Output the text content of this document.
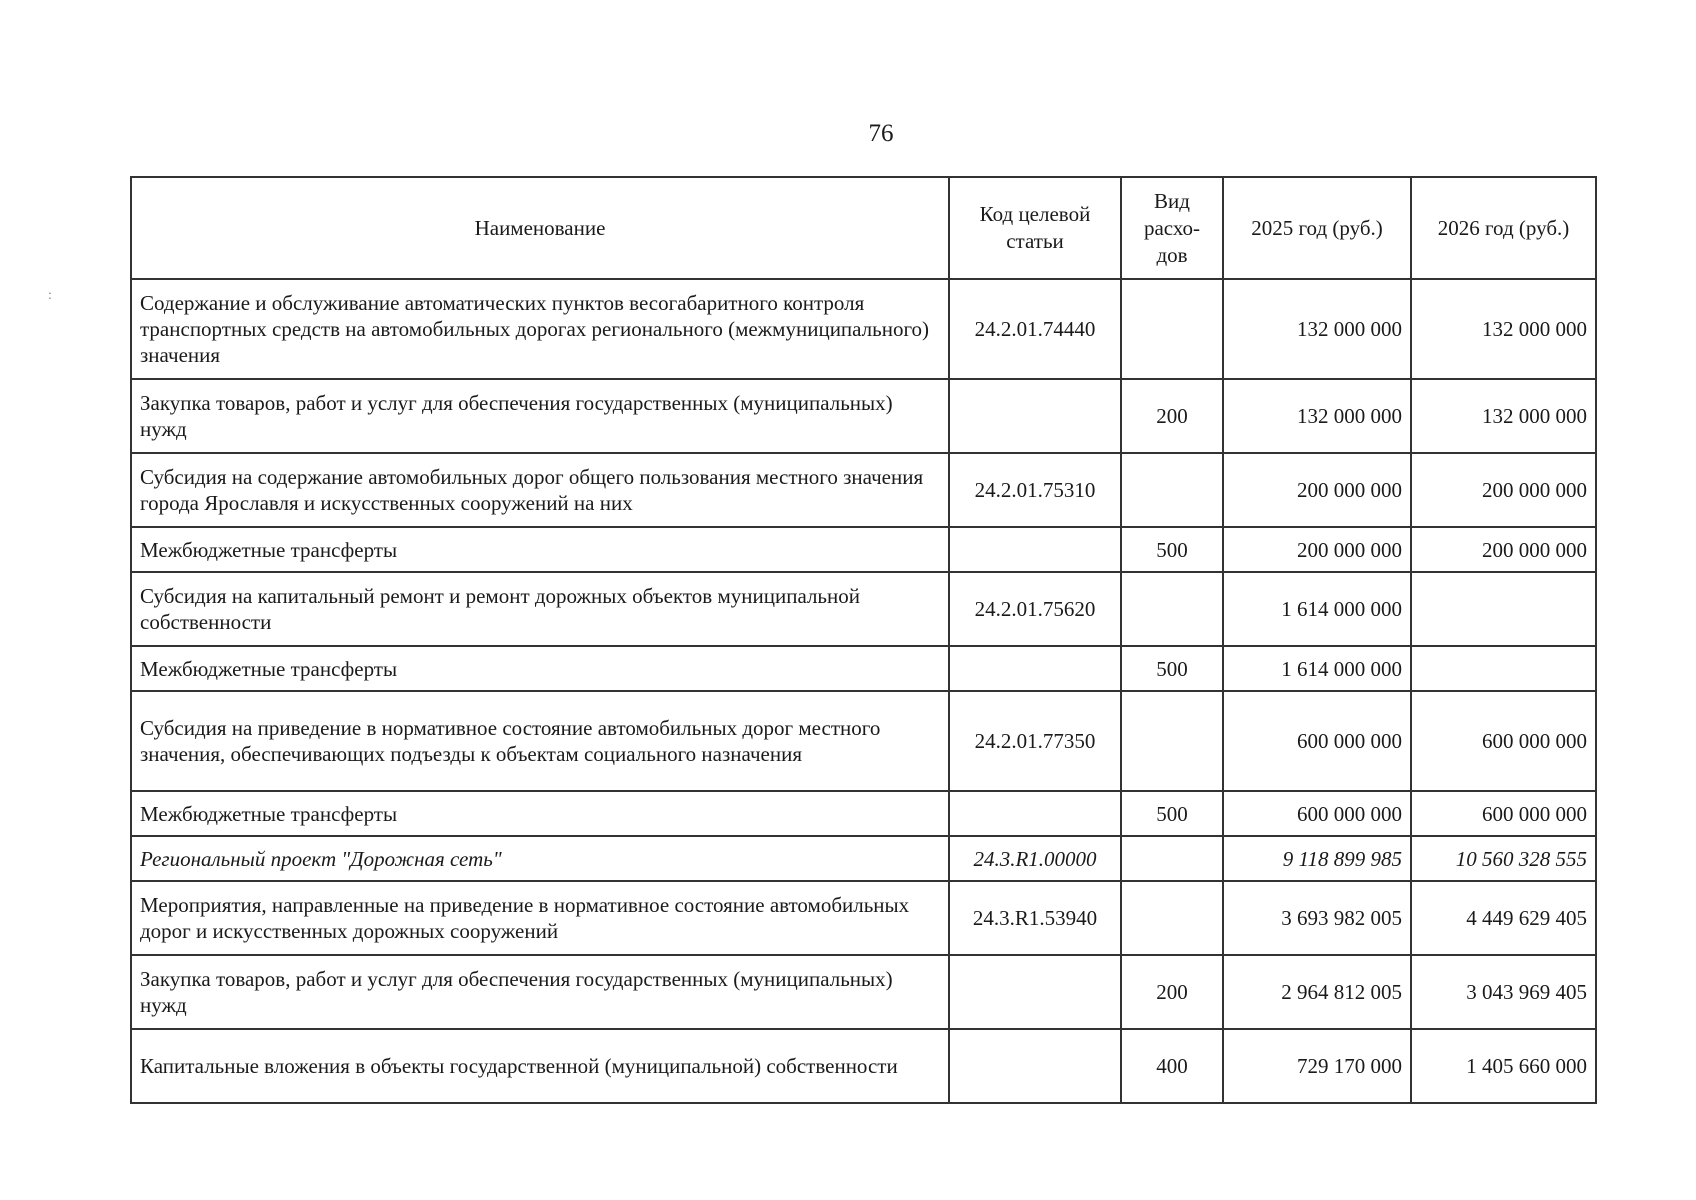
76
:
Наименование	Код целевой статьи	Вид расхо-дов	2025 год (руб.)	2026 год (руб.)
Содержание и обслуживание автоматических пунктов весогабаритного контроля транспортных средств на автомобильных дорогах регионального (межмуниципального) значения	24.2.01.74440		132 000 000	132 000 000
Закупка товаров, работ и услуг для обеспечения государственных (муниципальных) нужд		200	132 000 000	132 000 000
Субсидия на содержание автомобильных дорог общего пользования местного значения города Ярославля и искусственных сооружений на них	24.2.01.75310		200 000 000	200 000 000
Межбюджетные трансферты		500	200 000 000	200 000 000
Субсидия на капитальный ремонт и ремонт дорожных объектов муниципальной собственности	24.2.01.75620		1 614 000 000	
Межбюджетные трансферты		500	1 614 000 000	
Субсидия на приведение в нормативное состояние автомобильных дорог местного значения, обеспечивающих подъезды к объектам социального назначения	24.2.01.77350		600 000 000	600 000 000
Межбюджетные трансферты		500	600 000 000	600 000 000
Региональный проект "Дорожная сеть"	24.3.R1.00000		9 118 899 985	10 560 328 555
Мероприятия, направленные на приведение в нормативное состояние автомобильных дорог и искусственных дорожных сооружений	24.3.R1.53940		3 693 982 005	4 449 629 405
Закупка товаров, работ и услуг для обеспечения государственных (муниципальных) нужд		200	2 964 812 005	3 043 969 405
Капитальные вложения в объекты государственной (муниципальной) собственности		400	729 170 000	1 405 660 000
